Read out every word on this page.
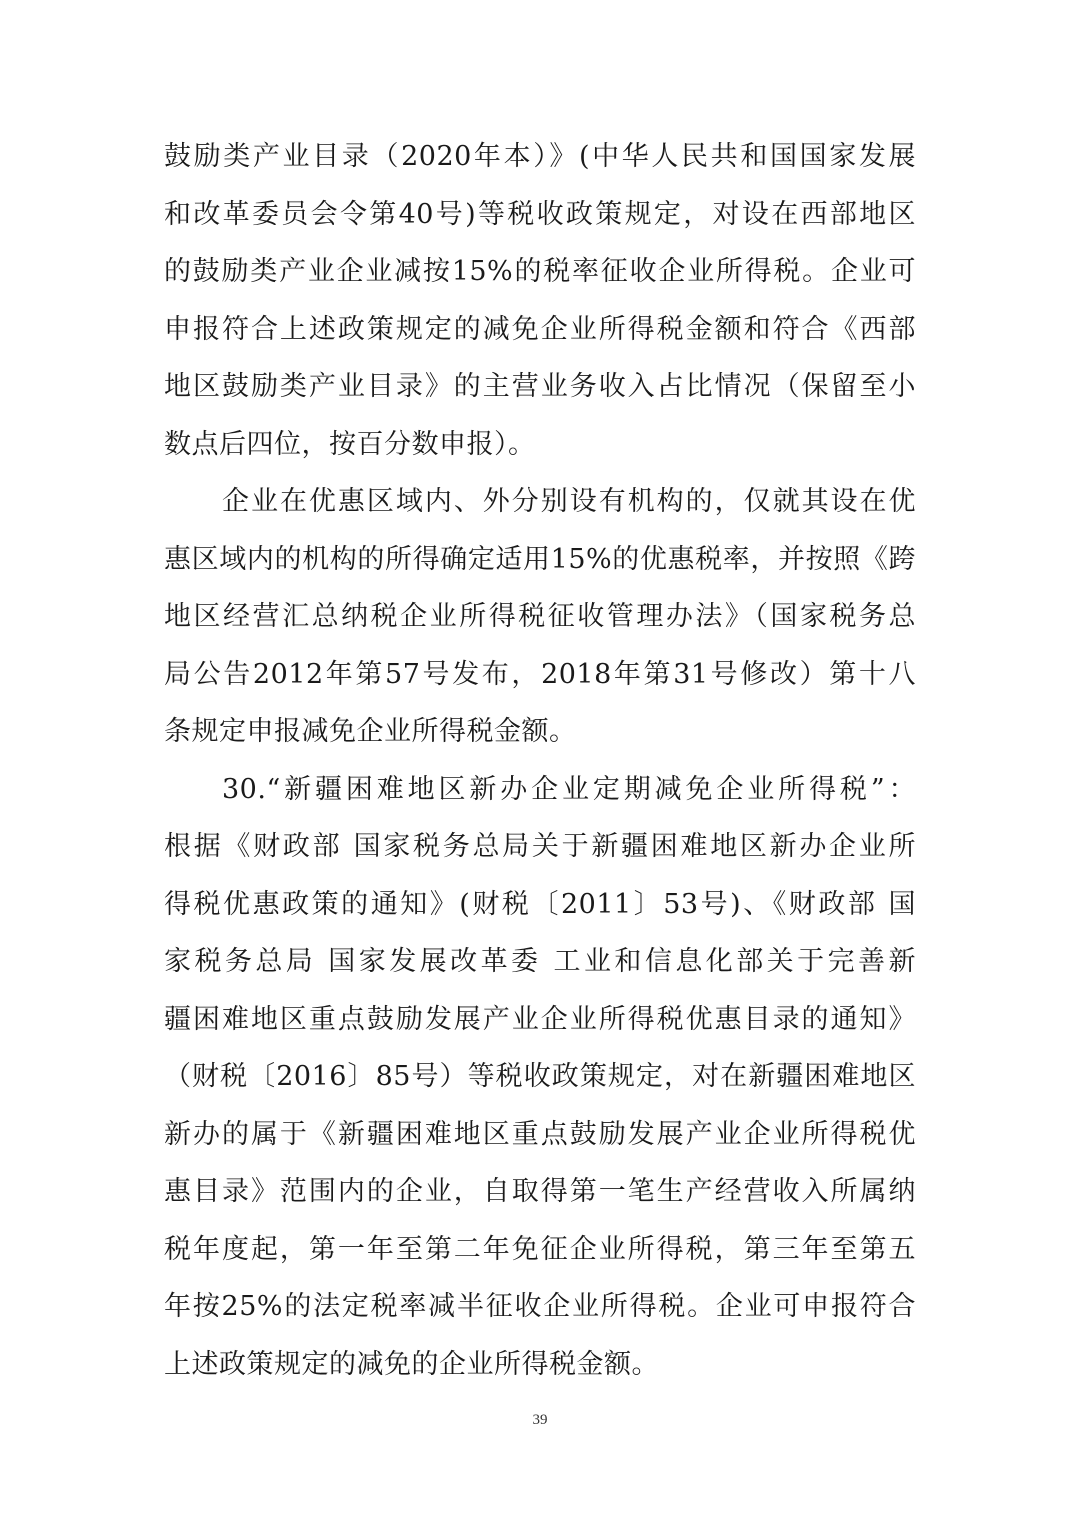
鼓励类产业目录（2020年本）》(中华人民共和国国家发展
和改革委员会令第40号)等税收政策规定，对设在西部地区
的鼓励类产业企业减按15%的税率征收企业所得税。企业可
申报符合上述政策规定的减免企业所得税金额和符合《西部
地区鼓励类产业目录》的主营业务收入占比情况（保留至小
数点后四位，按百分数申报）。
企业在优惠区域内、外分别设有机构的，仅就其设在优
惠区域内的机构的所得确定适用15%的优惠税率，并按照《跨
地区经营汇总纳税企业所得税征收管理办法》（国家税务总
局公告2012年第57号发布，2018年第31号修改）第十八
条规定申报减免企业所得税金额。
30.“新疆困难地区新办企业定期减免企业所得税”：
根据《财政部 国家税务总局关于新疆困难地区新办企业所
得税优惠政策的通知》(财税〔2011〕53号)、《财政部 国
家税务总局 国家发展改革委 工业和信息化部关于完善新
疆困难地区重点鼓励发展产业企业所得税优惠目录的通知》
（财税〔2016〕85号）等税收政策规定，对在新疆困难地区
新办的属于《新疆困难地区重点鼓励发展产业企业所得税优
惠目录》范围内的企业，自取得第一笔生产经营收入所属纳
税年度起，第一年至第二年免征企业所得税，第三年至第五
年按25%的法定税率减半征收企业所得税。企业可申报符合
上述政策规定的减免的企业所得税金额。
39
